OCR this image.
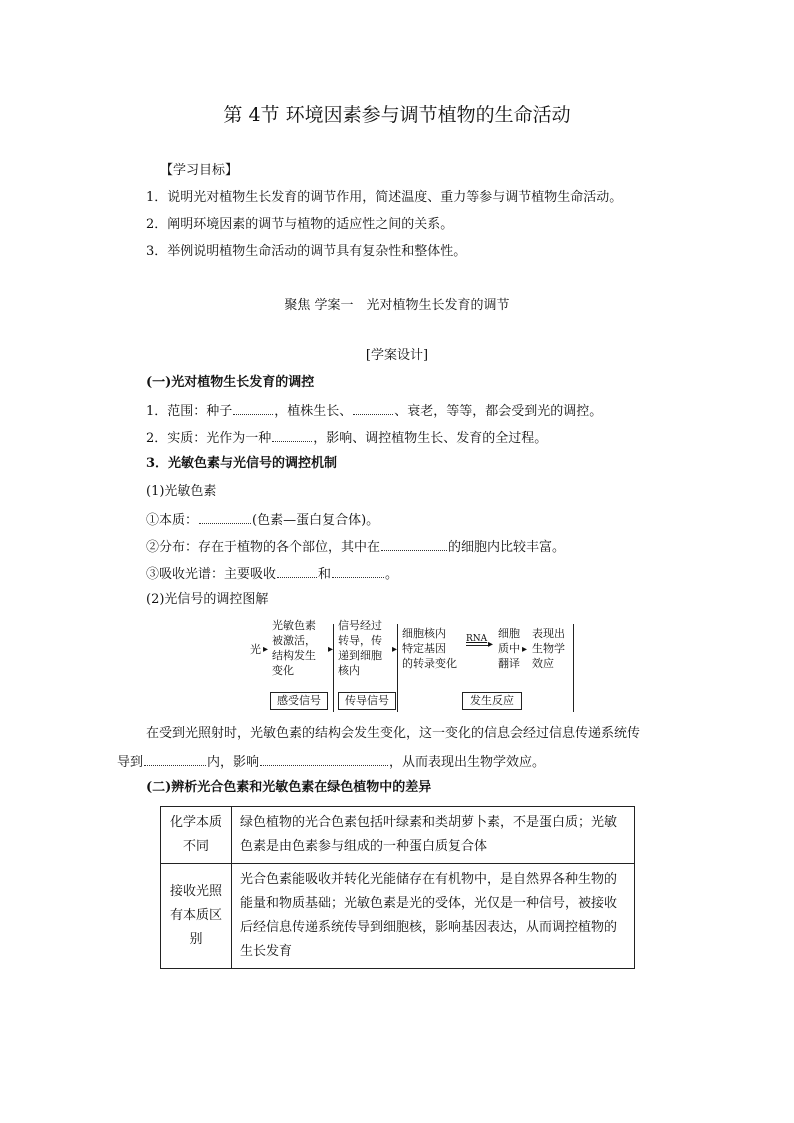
第 4节 环境因素参与调节植物的生命活动
【学习目标】
1．说明光对植物生长发育的调节作用，简述温度、重力等参与调节植物生命活动。
2．阐明环境因素的调节与植物的适应性之间的关系。
3．举例说明植物生命活动的调节具有复杂性和整体性。
聚焦 学案一　光对植物生长发育的调节
[学案设计]
(一)光对植物生长发育的调控
1．范围：种子	，植株生长、	、衰老，等等，都会受到光的调控。
2．实质：光作为一种	，影响、调控植物生长、发育的全过程。
3．光敏色素与光信号的调控机制
(1)光敏色素
①本质：	(色素—蛋白复合体)。
②分布：存在于植物的各个部位，其中在	的细胞内比较丰富。
③吸收光谱：主要吸收	和	。
(2)光信号的调控图解
光 ▸
光敏色素
被激活，
结构发生
变化
▸
信号经过
转导，传
递到细胞
核内
▸
细胞核内
特定基因
的转录变化
RNA ▸
细胞
质中
翻译
▸
表现出
生物学
效应
感受信号	传导信号	发生反应
在受到光照射时，光敏色素的结构会发生变化，这一变化的信息会经过信息传递系统传
导到	内，影响	，从而表现出生物学效应。
(二)辨析光合色素和光敏色素在绿色植物中的差异
化学本质不同	绿色植物的光合色素包括叶绿素和类胡萝卜素，不是蛋白质；光敏色素是由色素参与组成的一种蛋白质复合体
接收光照有本质区别	光合色素能吸收并转化光能储存在有机物中，是自然界各种生物的能量和物质基础；光敏色素是光的受体，光仅是一种信号，被接收后经信息传递系统传导到细胞核，影响基因表达，从而调控植物的生长发育
